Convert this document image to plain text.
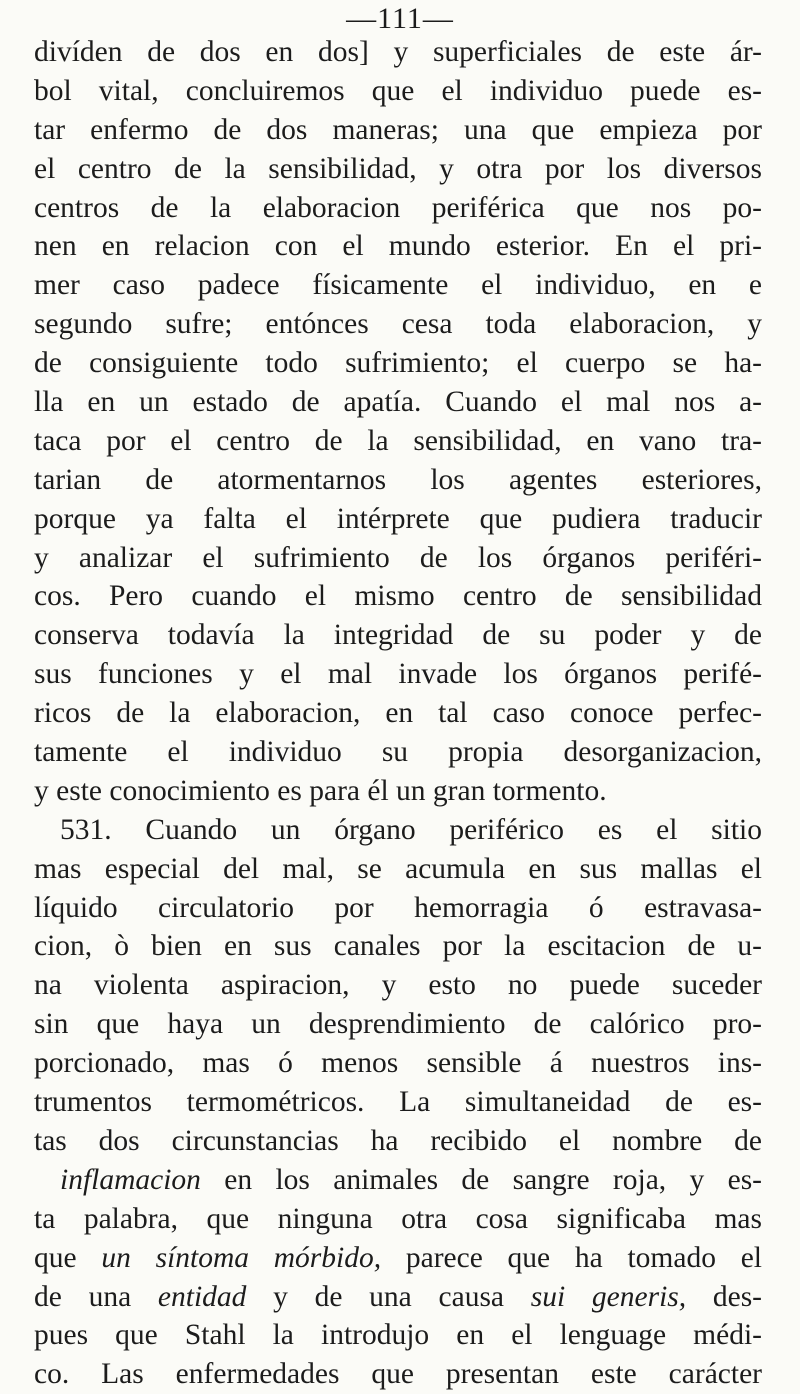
—111—
divíden de dos en dos] y superficiales de este ár-
bol vital, concluiremos que el individuo puede es-
tar enfermo de dos maneras; una que empieza por
el centro de la sensibilidad, y otra por los diversos
centros de la elaboracion periférica que nos po-
nen en relacion con el mundo esterior. En el pri-
mer caso padece físicamente el individuo, en e
segundo sufre; entónces cesa toda elaboracion, y
de consiguiente todo sufrimiento; el cuerpo se ha-
lla en un estado de apatía. Cuando el mal nos a-
taca por el centro de la sensibilidad, en vano tra-
tarian de atormentarnos los agentes esteriores,
porque ya falta el intérprete que pudiera traducir
y analizar el sufrimiento de los órganos periféri-
cos. Pero cuando el mismo centro de sensibilidad
conserva todavía la integridad de su poder y de
sus funciones y el mal invade los órganos perifé-
ricos de la elaboracion, en tal caso conoce perfec-
tamente el individuo su propia desorganizacion,
y este conocimiento es para él un gran tormento.
531. Cuando un órgano periférico es el sitio
mas especial del mal, se acumula en sus mallas el
líquido circulatorio por hemorragia ó estravasa-
cion, ò bien en sus canales por la escitacion de u-
na violenta aspiracion, y esto no puede suceder
sin que haya un desprendimiento de calórico pro-
porcionado, mas ó menos sensible á nuestros ins-
trumentos termométricos. La simultaneidad de es-
tas dos circunstancias ha recibido el nombre de
inflamacion en los animales de sangre roja, y es-
ta palabra, que ninguna otra cosa significaba mas
que un síntoma mórbido, parece que ha tomado el
de una entidad y de una causa sui generis, des-
pues que Stahl la introdujo en el lenguage médi-
co. Las enfermedades que presentan este carácter
